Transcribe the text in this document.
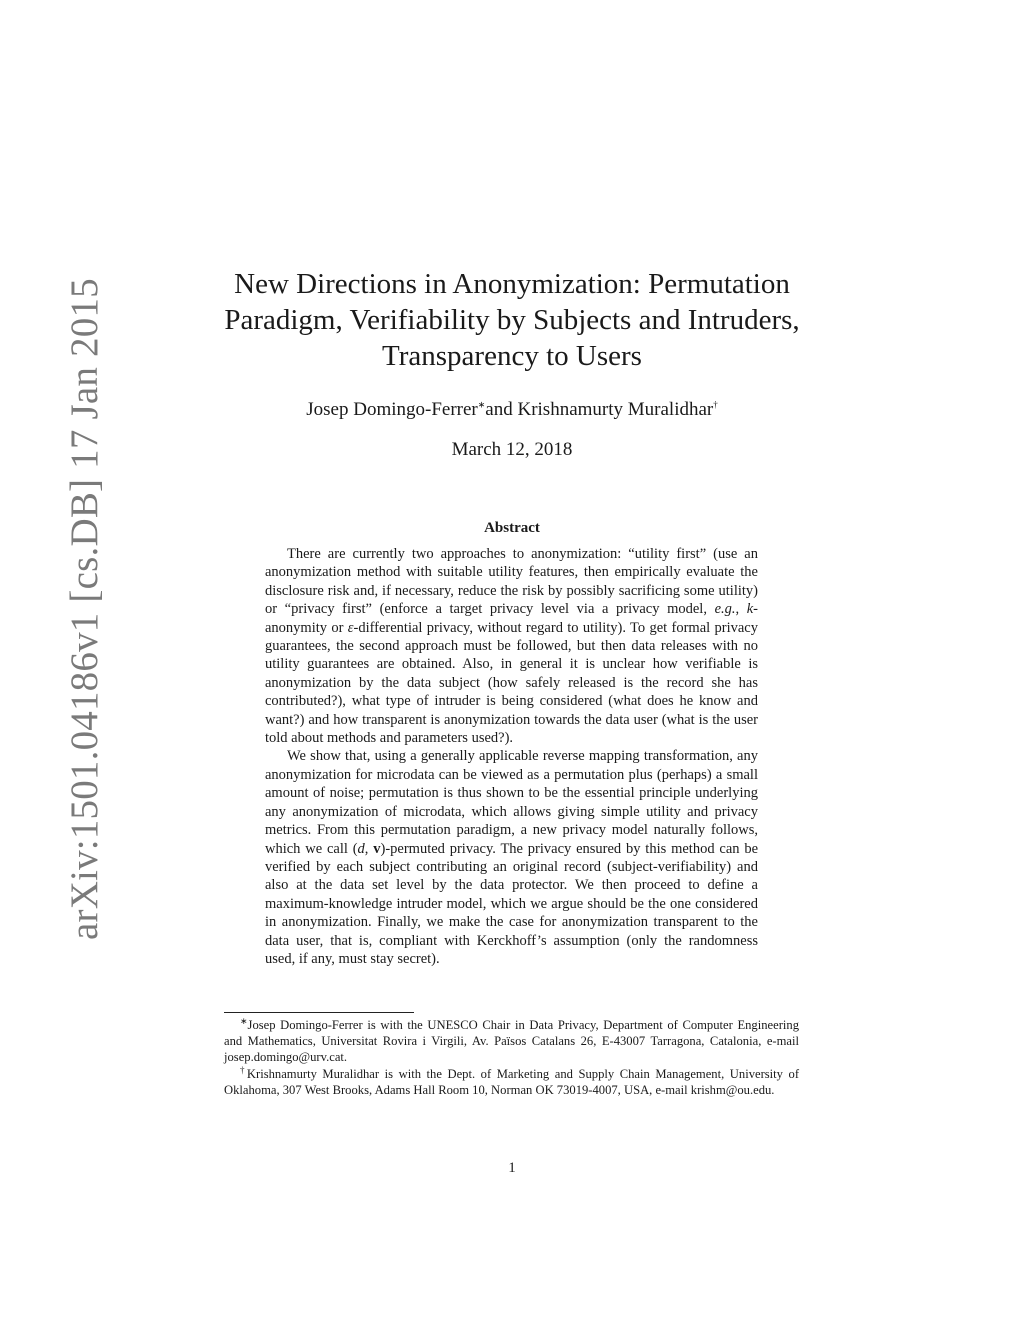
arXiv:1501.04186v1 [cs.DB] 17 Jan 2015	New Directions in Anonymization: Permutation
Paradigm, Verifiability by Subjects and Intruders,
Transparency to Users
Josep Domingo-Ferrer∗and Krishnamurty Muralidhar†
March 12, 2018
Abstract

There are currently two approaches to anonymization: “utility first” (use an anonymization method with suitable utility features, then empirically evaluate the disclosure risk and, if necessary, reduce the risk by possibly sacrificing some utility) or “privacy first” (enforce a target privacy level via a privacy model, e.g., k-anonymity or ε-differential privacy, without regard to utility). To get formal privacy guarantees, the second approach must be followed, but then data releases with no utility guarantees are obtained. Also, in general it is unclear how verifiable is anonymization by the data subject (how safely released is the record she has contributed?), what type of intruder is being considered (what does he know and want?) and how transparent is anonymization towards the data user (what is the user told about methods and parameters used?).

We show that, using a generally applicable reverse mapping transformation, any anonymization for microdata can be viewed as a permutation plus (perhaps) a small amount of noise; permutation is thus shown to be the essential principle underlying any anonymization of microdata, which allows giving simple utility and privacy metrics. From this permutation paradigm, a new privacy model naturally follows, which we call (d, v)-permuted privacy. The privacy ensured by this method can be verified by each subject contributing an original record (subject-verifiability) and also at the data set level by the data protector. We then proceed to define a maximum-knowledge intruder model, which we argue should be the one considered in anonymization. Finally, we make the case for anonymization transparent to the data user, that is, compliant with Kerckhoff’s assumption (only the randomness used, if any, must stay secret).

∗Josep Domingo-Ferrer is with the UNESCO Chair in Data Privacy, Department of Computer Engineering and Mathematics, Universitat Rovira i Virgili, Av. Països Catalans 26, E-43007 Tarragona, Catalonia, e-mail josep.domingo@urv.cat.

†Krishnamurty Muralidhar is with the Dept. of Marketing and Supply Chain Management, University of Oklahoma, 307 West Brooks, Adams Hall Room 10, Norman OK 73019-4007, USA, e-mail krishm@ou.edu.

1
